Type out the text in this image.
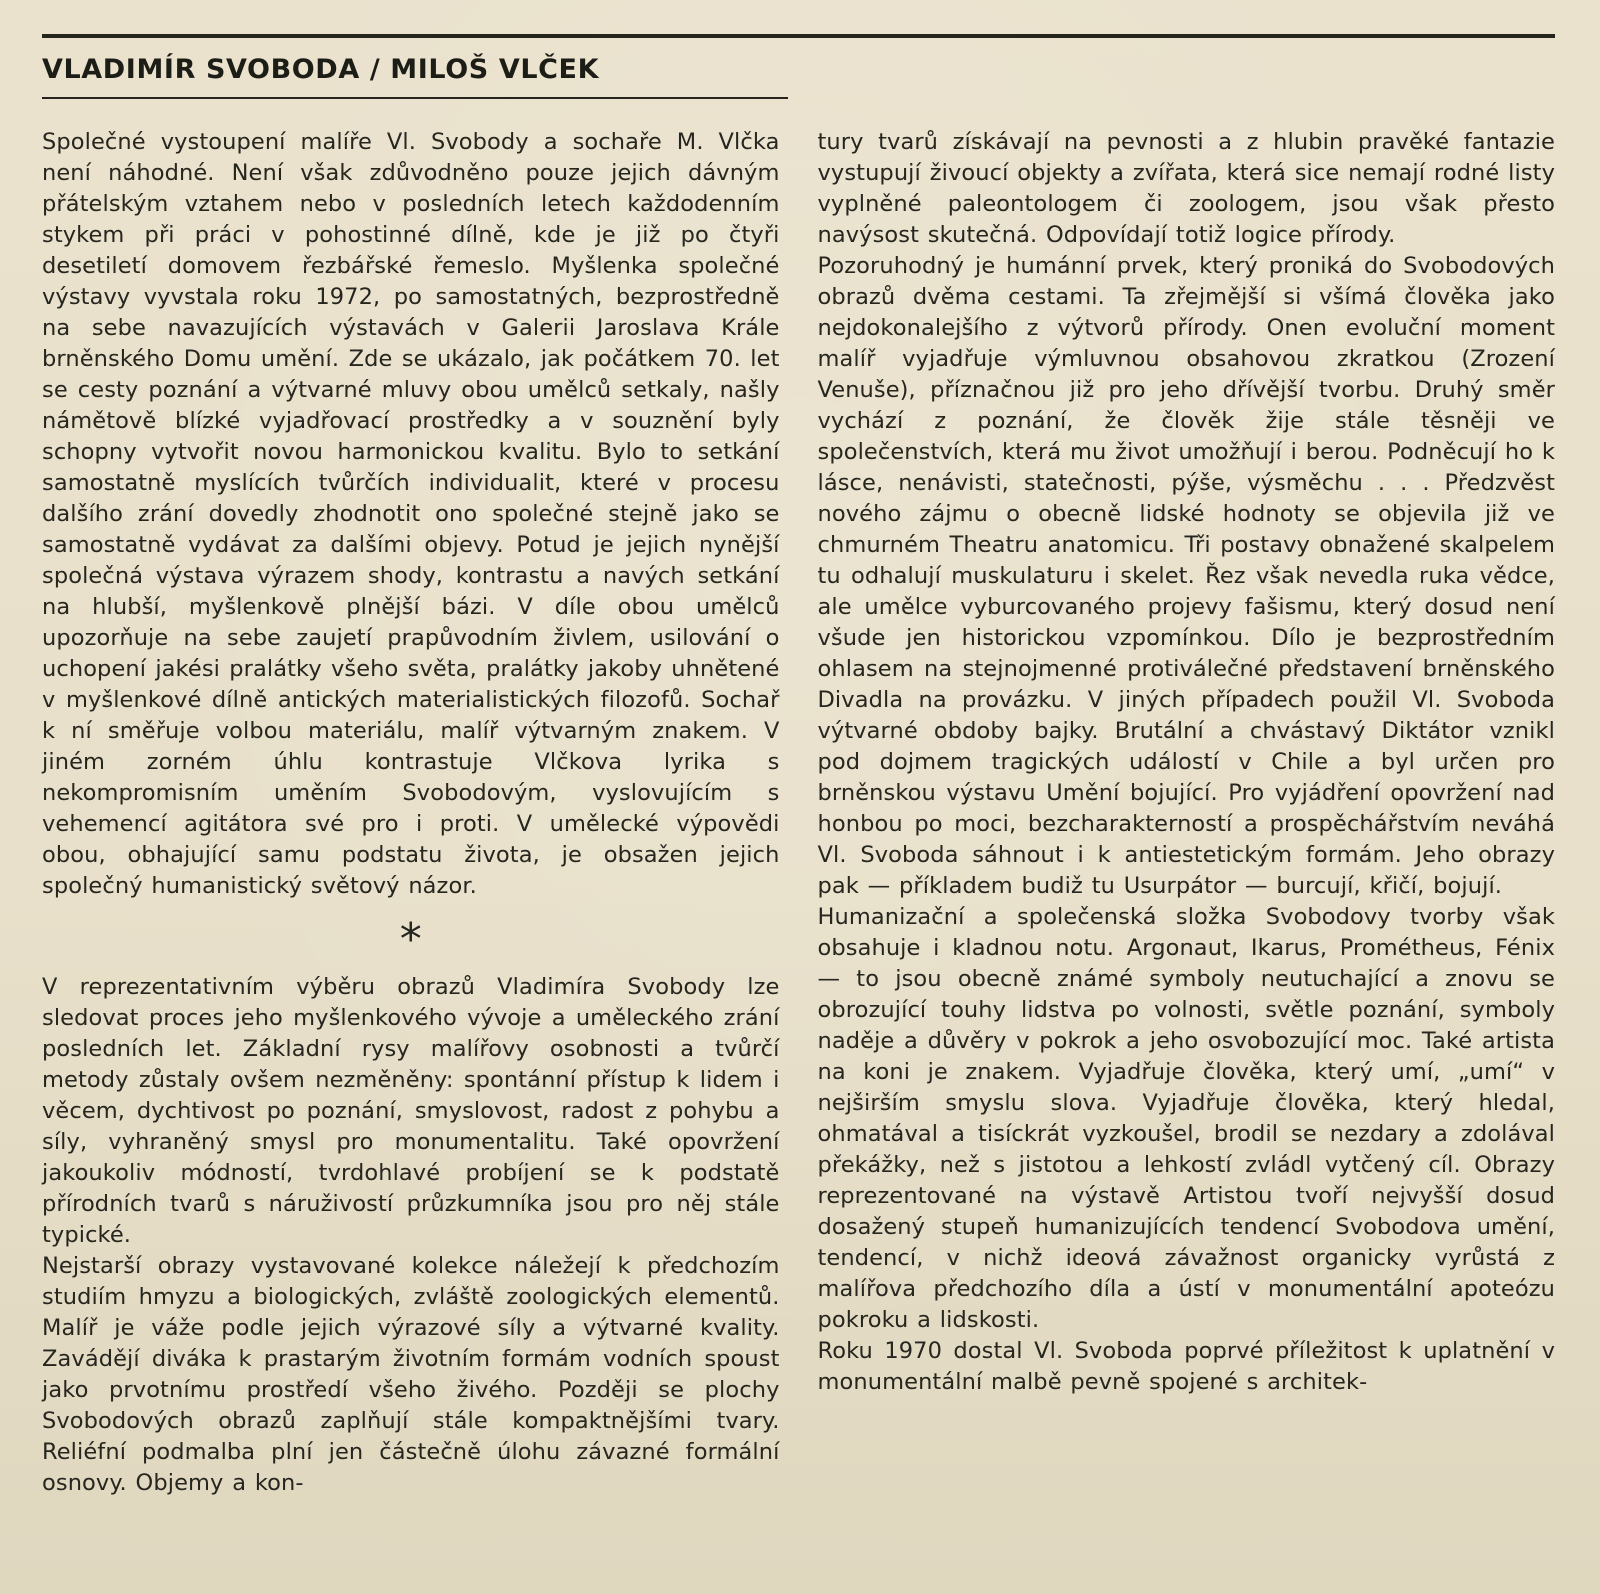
VLADIMÍR SVOBODA / MILOŠ VLČEK

Společné vystoupení malíře Vl. Svobody a sochaře M. Vlčka není náhodné. Není však zdůvodněno pouze jejich dávným přátelským vztahem nebo v posledních letech každodenním stykem při práci v pohostinné dílně, kde je již po čtyři desetiletí domovem řezbářské řemeslo. Myšlenka společné výstavy vyvstala roku 1972, po samostatných, bezprostředně na sebe navazujících výstavách v Galerii Jaroslava Krále brněnského Domu umění. Zde se ukázalo, jak počátkem 70. let se cesty poznání a výtvarné mluvy obou umělců setkaly, našly námětově blízké vyjadřovací prostředky a v souznění byly schopny vytvořit novou harmonickou kvalitu. Bylo to setkání samostatně myslících tvůrčích individualit, které v procesu dalšího zrání dovedly zhodnotit ono společné stejně jako se samostatně vydávat za dalšími objevy. Potud je jejich nynější společná výstava výrazem shody, kontrastu a navých setkání na hlubší, myšlenkově plnější bázi. V díle obou umělců upozorňuje na sebe zaujetí prapůvodním živlem, usilování o uchopení jakési pralátky všeho světa, pralátky jakoby uhnětené v myšlenkové dílně antických materialistických filozofů. Sochař k ní směřuje volbou materiálu, malíř výtvarným znakem. V jiném zorném úhlu kontrastuje Vlčkova lyrika s nekompromisním uměním Svobodovým, vyslovujícím s vehemencí agitátora své pro i proti. V umělecké výpovědi obou, obhajující samu podstatu života, je obsažen jejich společný humanistický světový názor.

*

V reprezentativním výběru obrazů Vladimíra Svobody lze sledovat proces jeho myšlenkového vývoje a uměleckého zrání posledních let. Základní rysy malířovy osobnosti a tvůrčí metody zůstaly ovšem nezměněny: spontánní přístup k lidem i věcem, dychtivost po poznání, smyslovost, radost z pohybu a síly, vyhraněný smysl pro monumentalitu. Také opovržení jakoukoliv módností, tvrdohlavé probíjení se k podstatě přírodních tvarů s náruživostí průzkumníka jsou pro něj stále typické.

Nejstarší obrazy vystavované kolekce náležejí k předchozím studiím hmyzu a biologických, zvláště zoologických elementů. Malíř je váže podle jejich výrazové síly a výtvarné kvality. Zavádějí diváka k prastarým životním formám vodních spoust jako prvotnímu prostředí všeho živého. Později se plochy Svobodových obrazů zaplňují stále kompaktnějšími tvary. Reliéfní podmalba plní jen částečně úlohu závazné formální osnovy. Objemy a kon-

tury tvarů získávají na pevnosti a z hlubin pravěké fantazie vystupují živoucí objekty a zvířata, která sice nemají rodné listy vyplněné paleontologem či zoologem, jsou však přesto navýsost skutečná. Odpovídají totiž logice přírody.

Pozoruhodný je humánní prvek, který proniká do Svobodových obrazů dvěma cestami. Ta zřejmější si všímá člověka jako nejdokonalejšího z výtvorů přírody. Onen evoluční moment malíř vyjadřuje výmluvnou obsahovou zkratkou (Zrození Venuše), příznačnou již pro jeho dřívější tvorbu. Druhý směr vychází z poznání, že člověk žije stále těsněji ve společenstvích, která mu život umožňují i berou. Podněcují ho k lásce, nenávisti, statečnosti, pýše, výsměchu . . . Předzvěst nového zájmu o obecně lidské hodnoty se objevila již ve chmurném Theatru anatomicu. Tři postavy obnažené skalpelem tu odhalují muskulaturu i skelet. Řez však nevedla ruka vědce, ale umělce vyburcovaného projevy fašismu, který dosud není všude jen historickou vzpomínkou. Dílo je bezprostředním ohlasem na stejnojmenné protiválečné představení brněnského Divadla na provázku. V jiných případech použil Vl. Svoboda výtvarné obdoby bajky. Brutální a chvástavý Diktátor vznikl pod dojmem tragických událostí v Chile a byl určen pro brněnskou výstavu Umění bojující. Pro vyjádření opovržení nad honbou po moci, bezcharakterností a prospěchářstvím neváhá Vl. Svoboda sáhnout i k antiestetickým formám. Jeho obrazy pak — příkladem budiž tu Usurpátor — burcují, křičí, bojují.

Humanizační a společenská složka Svobodovy tvorby však obsahuje i kladnou notu. Argonaut, Ikarus, Prométheus, Fénix — to jsou obecně známé symboly neutuchající a znovu se obrozující touhy lidstva po volnosti, světle poznání, symboly naděje a důvěry v pokrok a jeho osvobozující moc. Také artista na koni je znakem. Vyjadřuje člověka, který umí, „umí“ v nejširším smyslu slova. Vyjadřuje člověka, který hledal, ohmatával a tisíckrát vyzkoušel, brodil se nezdary a zdolával překážky, než s jistotou a lehkostí zvládl vytčený cíl. Obrazy reprezentované na výstavě Artistou tvoří nejvyšší dosud dosažený stupeň humanizujících tendencí Svobodova umění, tendencí, v nichž ideová závažnost organicky vyrůstá z malířova předchozího díla a ústí v monumentální apoteózu pokroku a lidskosti.

Roku 1970 dostal Vl. Svoboda poprvé příležitost k uplatnění v monumentální malbě pevně spojené s architek-
